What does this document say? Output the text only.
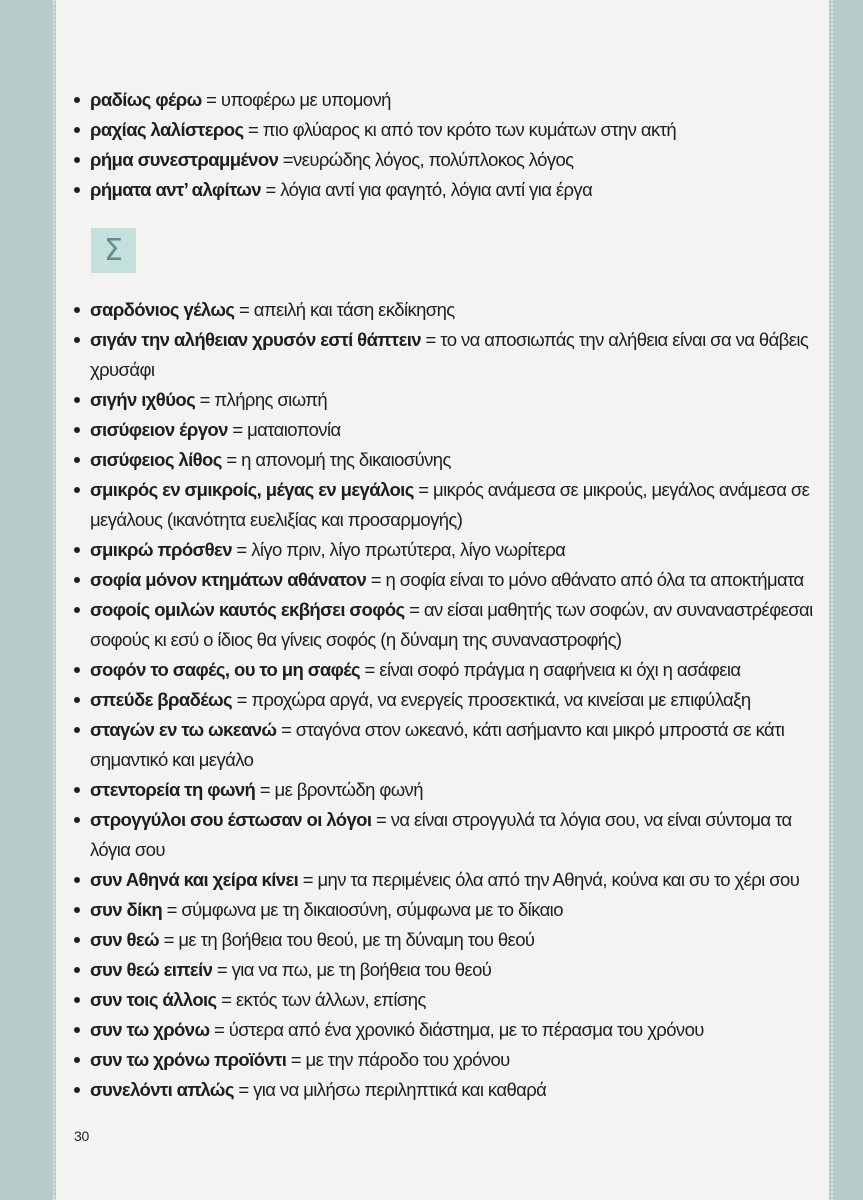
ραδίως φέρω = υποφέρω με υπομονή
ραχίας λαλίστερος = πιο φλύαρος κι από τον κρότο των κυμάτων στην ακτή
ρήμα συνεστραμμένον =νευρώδης λόγος, πολύπλοκος λόγος
ρήματα αντ’ αλφίτων = λόγια αντί για φαγητό, λόγια αντί για έργα
Σ
σαρδόνιος γέλως = απειλή και τάση εκδίκησης
σιγάν την αλήθειαν χρυσόν εστί θάπτειν = το να αποσιωπάς την αλήθεια είναι σα να θάβεις χρυσάφι
σιγήν ιχθύος = πλήρης σιωπή
σισύφειον έργον = ματαιοπονία
σισύφειος λίθος = η απονομή της δικαιοσύνης
σμικρός εν σμικροίς, μέγας εν μεγάλοις = μικρός ανάμεσα σε μικρούς, μεγάλος ανάμεσα σε μεγάλους (ικανότητα ευελιξίας και προσαρμογής)
σμικρώ πρόσθεν = λίγο πριν, λίγο πρωτύτερα, λίγο νωρίτερα
σοφία μόνον κτημάτων αθάνατον = η σοφία είναι το μόνο αθάνατο από όλα τα αποκτήματα
σοφοίς ομιλών καυτός εκβήσει σοφός = αν είσαι μαθητής των σοφών, αν συναναστρέφεσαι σοφούς κι εσύ ο ίδιος θα γίνεις σοφός (η δύναμη της συναναστροφής)
σοφόν το σαφές, ου το μη σαφές = είναι σοφό πράγμα η σαφήνεια κι όχι η ασάφεια
σπεύδε βραδέως = προχώρα αργά, να ενεργείς προσεκτικά, να κινείσαι με επιφύλαξη
σταγών εν τω ωκεανώ = σταγόνα στον ωκεανό, κάτι ασήμαντο και μικρό μπροστά σε κάτι σημαντικό και μεγάλο
στεντορεία τη φωνή = με βροντώδη φωνή
στρογγύλοι σου έστωσαν οι λόγοι = να είναι στρογγυλά τα λόγια σου, να είναι σύντομα τα λόγια σου
συν Αθηνά και χείρα κίνει = μην τα περιμένεις όλα από την Αθηνά, κούνα και συ το χέρι σου
συν δίκη = σύμφωνα με τη δικαιοσύνη, σύμφωνα με το δίκαιο
συν θεώ = με τη βοήθεια του θεού, με τη δύναμη του θεού
συν θεώ ειπείν = για να πω, με τη βοήθεια του θεού
συν τοις άλλοις = εκτός των άλλων, επίσης
συν τω χρόνω = ύστερα από ένα χρονικό διάστημα, με το πέρασμα του χρόνου
συν τω χρόνω προϊόντι = με την πάροδο του χρόνου
συνελόντι απλώς = για να μιλήσω περιληπτικά και καθαρά
30
